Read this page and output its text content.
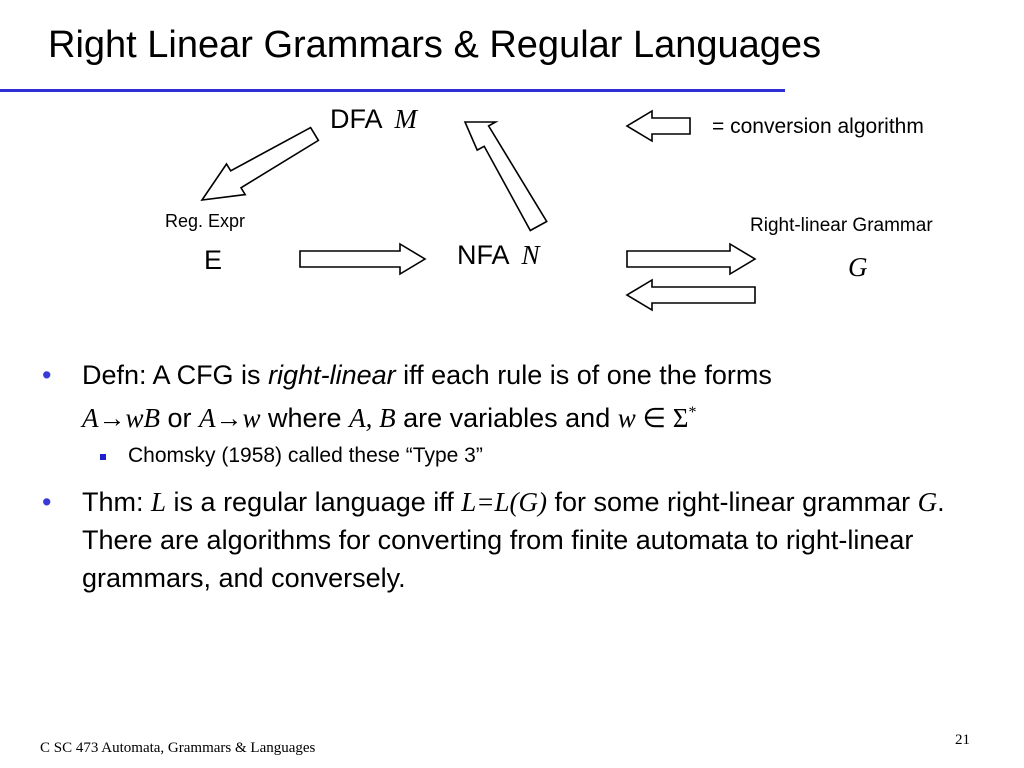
Right Linear Grammars & Regular Languages
DFA M	= conversion algorithm
Reg. Expr
E	NFA N
Right-linear Grammar
G
• Defn: A CFG is right-linear iff each rule is of one the forms
A→wB or A→w where A, B are variables and w ∈ Σ*
Chomsky (1958) called these “Type 3”
• Thm: L is a regular language iff L=L(G) for some right-linear grammar G. There are algorithms for converting from finite automata to right-linear grammars, and conversely.
C SC 473 Automata, Grammars & Languages	21
